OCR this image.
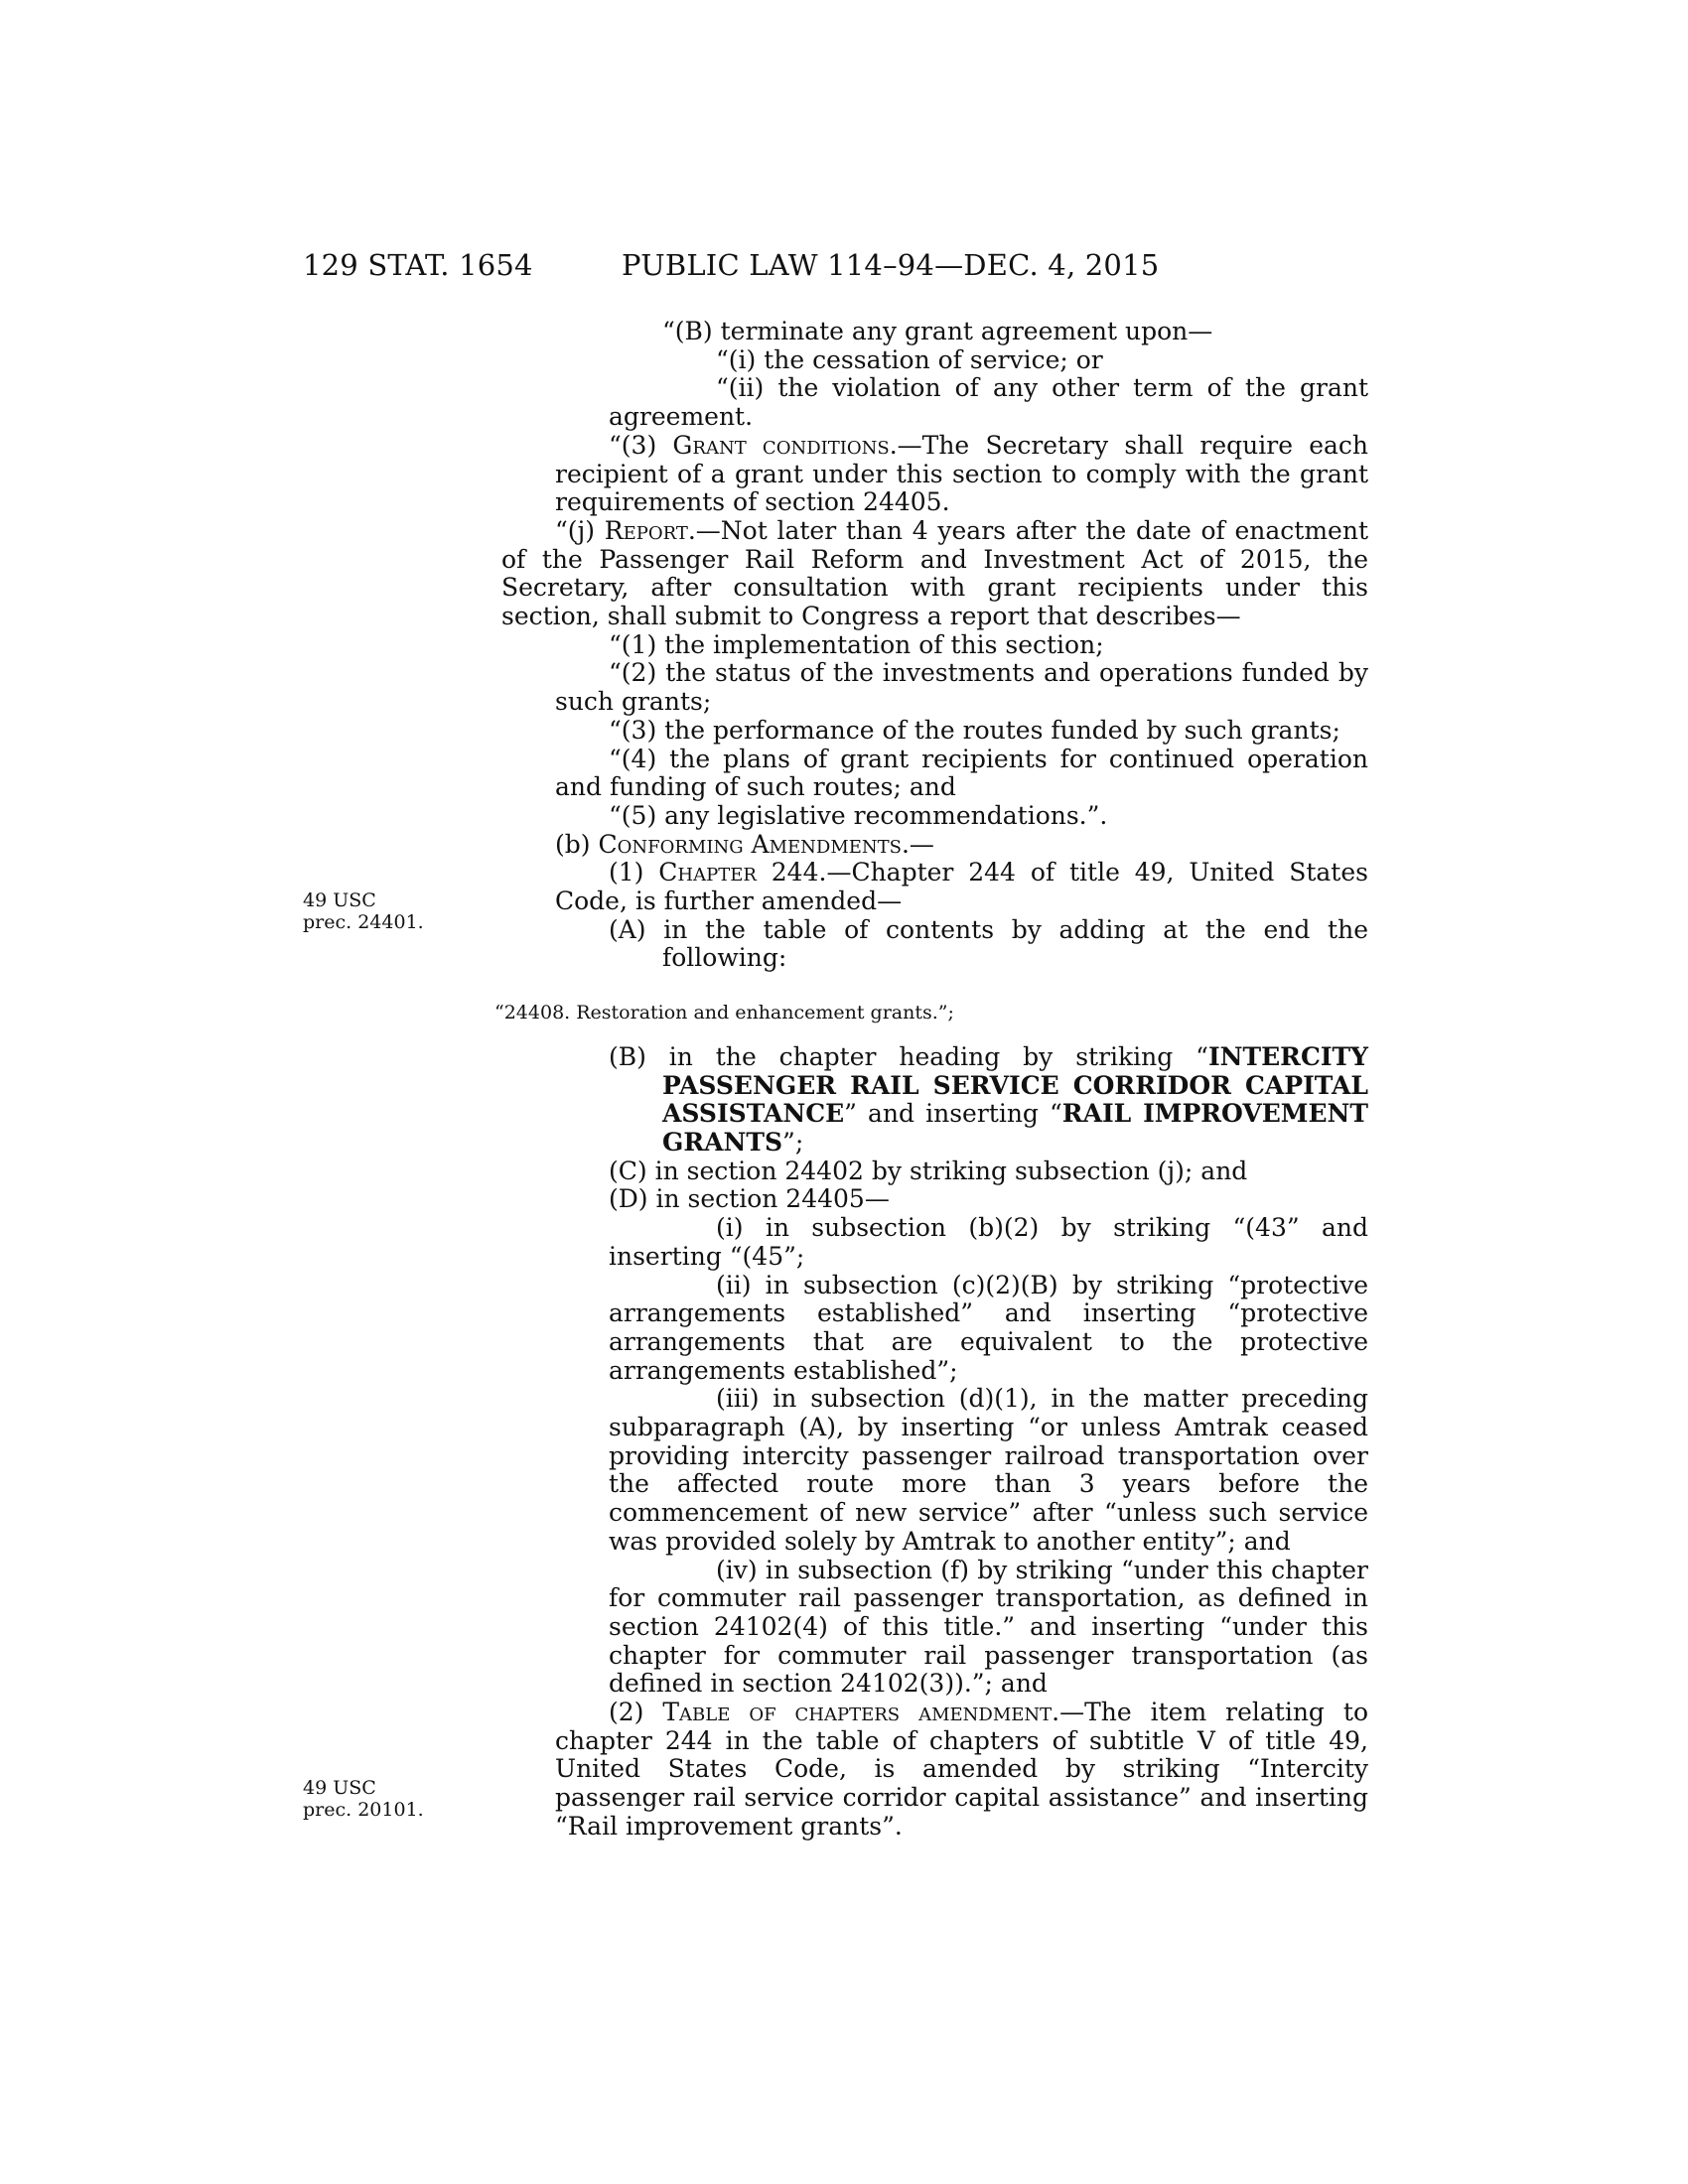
129 STAT. 1654	PUBLIC LAW 114–94—DEC. 4, 2015
49 USC
prec. 24401.
49 USC
prec. 20101.

“(B) terminate any grant agreement upon—

“(i) the cessation of service; or

“(ii) the violation of any other term of the grant agreement.

“(3) Grant conditions.—The Secretary shall require each recipient of a grant under this section to comply with the grant requirements of section 24405.

“(j) Report.—Not later than 4 years after the date of enactment of the Passenger Rail Reform and Investment Act of 2015, the Secretary, after consultation with grant recipients under this section, shall submit to Congress a report that describes—

“(1) the implementation of this section;

“(2) the status of the investments and operations funded by such grants;

“(3) the performance of the routes funded by such grants;

“(4) the plans of grant recipients for continued operation and funding of such routes; and

“(5) any legislative recommendations.”.

(b) Conforming Amendments.—

(1) Chapter 244.—Chapter 244 of title 49, United States Code, is further amended—

(A) in the table of contents by adding at the end the following:

“24408. Restoration and enhancement grants.”;

(B) in the chapter heading by striking “INTERCITY PASSENGER RAIL SERVICE CORRIDOR CAPITAL ASSISTANCE” and inserting “RAIL IMPROVEMENT GRANTS”;

(C) in section 24402 by striking subsection (j); and

(D) in section 24405—

(i) in subsection (b)(2) by striking “(43” and inserting “(45”;

(ii) in subsection (c)(2)(B) by striking “protective arrangements established” and inserting “protective arrangements that are equivalent to the protective arrangements established”;

(iii) in subsection (d)(1), in the matter preceding subparagraph (A), by inserting “or unless Amtrak ceased providing intercity passenger railroad transportation over the affected route more than 3 years before the commencement of new service” after “unless such service was provided solely by Amtrak to another entity”; and

(iv) in subsection (f) by striking “under this chapter for commuter rail passenger transportation, as defined in section 24102(4) of this title.” and inserting “under this chapter for commuter rail passenger transportation (as defined in section 24102(3)).”; and

(2) Table of chapters amendment.—The item relating to chapter 244 in the table of chapters of subtitle V of title 49, United States Code, is amended by striking “Intercity passenger rail service corridor capital assistance” and inserting “Rail improvement grants”.
